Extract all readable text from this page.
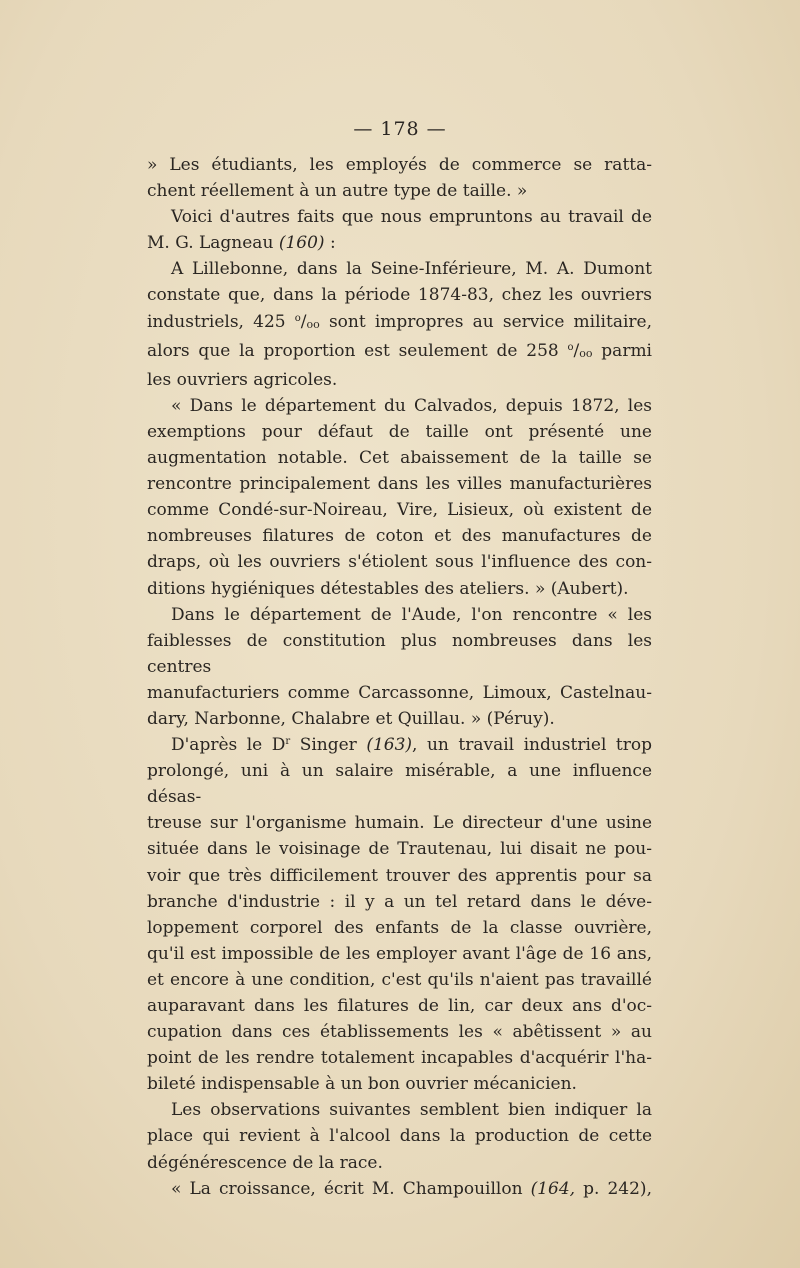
— 178 —

» Les étudiants, les employés de commerce se ratta-

chent réellement à un autre type de taille. »

Voici d'autres faits que nous empruntons au travail de

M. G. Lagneau (160) :

A Lillebonne, dans la Seine-Inférieure, M. A. Dumont

constate que, dans la période 1874-83, chez les ouvriers

industriels, 425 $^o$/oo sont impropres au service militaire,

alors que la proportion est seulement de 258 $^o$/oo parmi

les ouvriers agricoles.

« Dans le département du Calvados, depuis 1872, les

exemptions pour défaut de taille ont présenté une

augmentation notable. Cet abaissement de la taille se

rencontre principalement dans les villes manufacturières

comme Condé-sur-Noireau, Vire, Lisieux, où existent de

nombreuses filatures de coton et des manufactures de

draps, où les ouvriers s'étiolent sous l'influence des con-

ditions hygiéniques détestables des ateliers. » (Aubert).

Dans le département de l'Aude, l'on rencontre « les

faiblesses de constitution plus nombreuses dans les centres

manufacturiers comme Carcassonne, Limoux, Castelnau-

dary, Narbonne, Chalabre et Quillau. » (Péruy).

D'après le $D^r$ Singer (163), un travail industriel trop

prolongé, uni à un salaire misérable, a une influence désas-

treuse sur l'organisme humain. Le directeur d'une usine

située dans le voisinage de Trautenau, lui disait ne pou-

voir que très difficilement trouver des apprentis pour sa

branche d'industrie : il y a un tel retard dans le déve-

loppement corporel des enfants de la classe ouvrière,

qu'il est impossible de les employer avant l'âge de 16 ans,

et encore à une condition, c'est qu'ils n'aient pas travaillé

auparavant dans les filatures de lin, car deux ans d'oc-

cupation dans ces établissements les « abêtissent » au

point de les rendre totalement incapables d'acquérir l'ha-

bileté indispensable à un bon ouvrier mécanicien.

Les observations suivantes semblent bien indiquer la

place qui revient à l'alcool dans la production de cette

dégénérescence de la race.

« La croissance, écrit M. Champouillon (164, p. 242),
